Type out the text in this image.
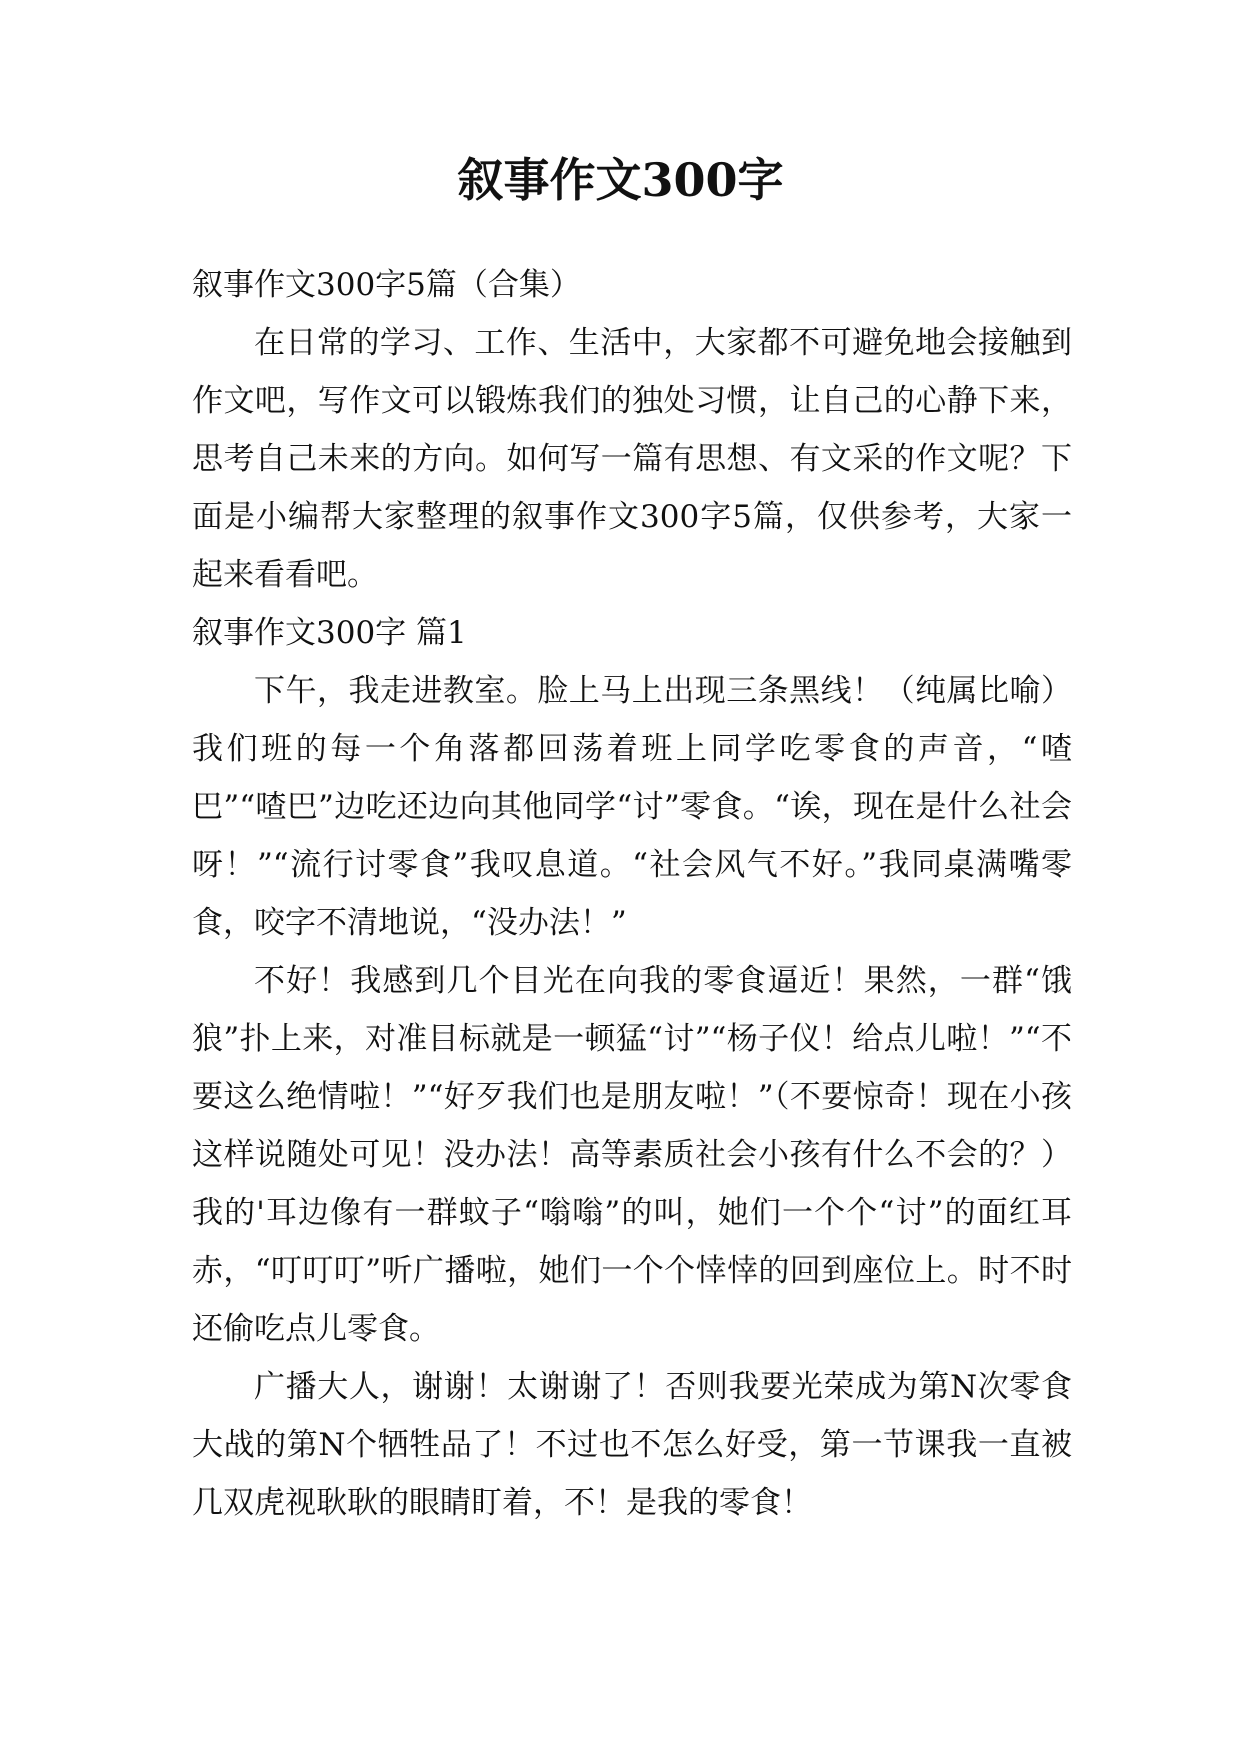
叙事作文300字

叙事作文300字5篇（合集）

在日常的学习、工作、生活中，大家都不可避免地会接触到作文吧，写作文可以锻炼我们的独处习惯，让自己的心静下来，思考自己未来的方向。如何写一篇有思想、有文采的作文呢？下面是小编帮大家整理的叙事作文300字5篇，仅供参考，大家一起来看看吧。

叙事作文300字 篇1

下午，我走进教室。脸上马上出现三条黑线！（纯属比喻）我们班的每一个角落都回荡着班上同学吃零食的声音，“喳巴”“喳巴”边吃还边向其他同学“讨”零食。“诶，现在是什么社会呀！”“流行讨零食”我叹息道。“社会风气不好。”我同桌满嘴零食，咬字不清地说，“没办法！”

不好！我感到几个目光在向我的零食逼近！果然，一群“饿狼”扑上来，对准目标就是一顿猛“讨”“杨子仪！给点儿啦！”“不要这么绝情啦！”“好歹我们也是朋友啦！”（不要惊奇！现在小孩这样说随处可见！没办法！高等素质社会小孩有什么不会的？）我的'耳边像有一群蚊子“嗡嗡”的叫，她们一个个“讨”的面红耳赤，“叮叮叮”听广播啦，她们一个个悻悻的回到座位上。时不时还偷吃点儿零食。

广播大人，谢谢！太谢谢了！否则我要光荣成为第N次零食大战的第N个牺牲品了！不过也不怎么好受，第一节课我一直被几双虎视耿耿的眼睛盯着，不！是我的零食！
